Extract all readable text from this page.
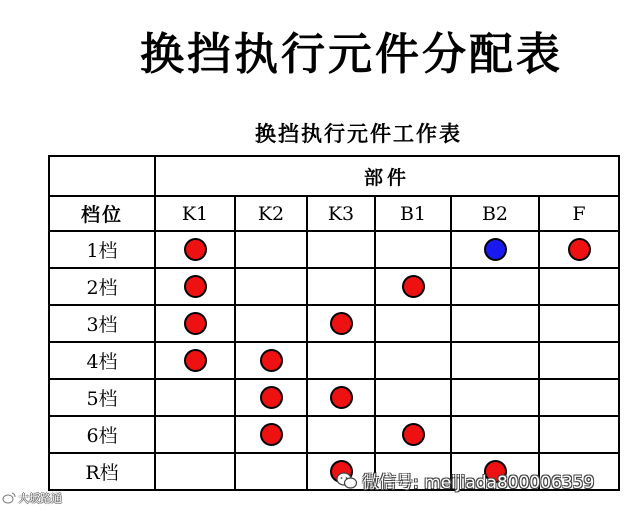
换挡执行元件分配表
换挡执行元件工作表
	部件					
档位	K1	K2	K3	B1	B2	F
1档						
2档						
3档						
4档						
5档						
6档						
R档							微信号: meijiada800006359
大坂路通
